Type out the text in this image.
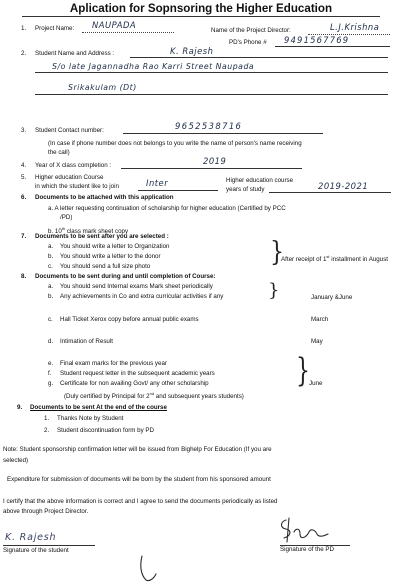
Aplication for Sopnsoring the Higher Education
1. Project Name: NAUPADA
Name of the Project Director:	L.J.Krishna
PD's Phone # 9491567769
2. Student Name and Address :	K. Rajesh
S/o late Jagannadha Rao Karri Street Naupada
Srikakulam (Dt)
3. Student Contact number:	9652538716
(In case if phone number does not belongs to you write the name of person's name receiving
the call)
4. Year of X class completion :	2019
5. Higher education Course
in which the student like to join	Inter	Higher education course
years of study	2019-2021
6. Documents to be attached with this application
a. A letter requesting continuation of scholarship for higher education (Certified by PCC
/PD)
b. 10th class mark sheet copy
7. Documents to be sent after you are selected :
a. You should write a letter to Organization
b. You should write a letter to the donor
c. You should send a full size photo	}
After receipt of 1st installment in August
8. Documents to be sent during and until completion of Course:
a. You should send Internal exams Mark sheet periodically
b. Any achievements in Co and extra curricular activities if any }	January &June
c. Hall Ticket Xerox copy before annual public exams	March
d. Intimation of Result	May
e. Final exam marks for the previous year
f. Student request letter in the subsequent academic years
g. Certificate for non availing Govt/ any other scholarship
(Duly certified by Principal for 2nd and subsequent years students)
} June
9. Documents to be sent At the end of the course
1. Thanks Note by Student
2. Student discontinuation form by PD
Note: Student sponsorship confirmation letter will be issued from Bighelp For Education (If you are
selected)
Expenditure for submission of documents will be born by the student from his sponsored amount
I certify that the above information is correct and I agree to send the documents periodically as listed
above through Project Director.
K. Rajesh
Signature of the student	Signature of the PD
